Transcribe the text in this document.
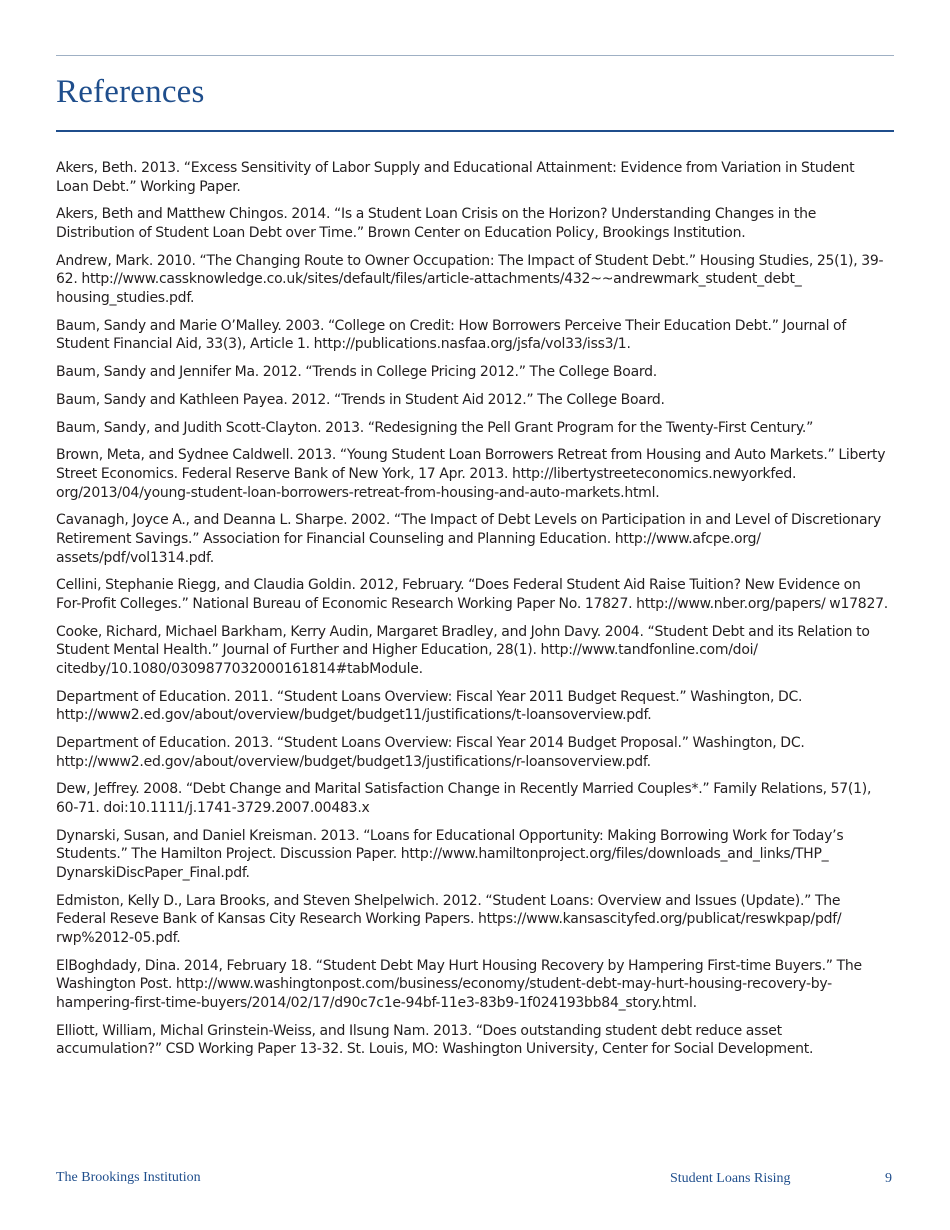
References
Akers, Beth. 2013. “Excess Sensitivity of Labor Supply and Educational Attainment: Evidence from Variation in Student Loan Debt.” Working Paper.
Akers, Beth and Matthew Chingos. 2014. “Is a Student Loan Crisis on the Horizon? Understanding Changes in the Distribution of Student Loan Debt over Time.” Brown Center on Education Policy, Brookings Institution.
Andrew, Mark. 2010. “The Changing Route to Owner Occupation: The Impact of Student Debt.” Housing Studies, 25(1), 39-62. http://www.cassknowledge.co.uk/sites/default/files/article-attachments/432~~andrewmark_student_debt_ housing_studies.pdf.
Baum, Sandy and Marie O’Malley. 2003. “College on Credit: How Borrowers Perceive Their Education Debt.” Journal of Student Financial Aid, 33(3), Article 1. http://publications.nasfaa.org/jsfa/vol33/iss3/1.
Baum, Sandy and Jennifer Ma. 2012. “Trends in College Pricing 2012.” The College Board.
Baum, Sandy and Kathleen Payea. 2012. “Trends in Student Aid 2012.” The College Board.
Baum, Sandy, and Judith Scott-Clayton. 2013. “Redesigning the Pell Grant Program for the Twenty-First Century.”
Brown, Meta, and Sydnee Caldwell. 2013. “Young Student Loan Borrowers Retreat from Housing and Auto Markets.” Liberty Street Economics. Federal Reserve Bank of New York, 17 Apr. 2013. http://libertystreeteconomics.newyorkfed. org/2013/04/young-student-loan-borrowers-retreat-from-housing-and-auto-markets.html.
Cavanagh, Joyce A., and Deanna L. Sharpe. 2002. “The Impact of Debt Levels on Participation in and Level of Discretionary Retirement Savings.” Association for Financial Counseling and Planning Education. http://www.afcpe.org/ assets/pdf/vol1314.pdf.
Cellini, Stephanie Riegg, and Claudia Goldin. 2012, February. “Does Federal Student Aid Raise Tuition? New Evidence on For-Profit Colleges.” National Bureau of Economic Research Working Paper No. 17827. http://www.nber.org/papers/ w17827.
Cooke, Richard, Michael Barkham, Kerry Audin, Margaret Bradley, and John Davy. 2004. “Student Debt and its Relation to Student Mental Health.” Journal of Further and Higher Education, 28(1). http://www.tandfonline.com/doi/ citedby/10.1080/0309877032000161814#tabModule.
Department of Education. 2011. “Student Loans Overview: Fiscal Year 2011 Budget Request.” Washington, DC. http://www2.ed.gov/about/overview/budget/budget11/justifications/t-loansoverview.pdf.
Department of Education. 2013. “Student Loans Overview: Fiscal Year 2014 Budget Proposal.” Washington, DC. http://www2.ed.gov/about/overview/budget/budget13/justifications/r-loansoverview.pdf.
Dew, Jeffrey. 2008. “Debt Change and Marital Satisfaction Change in Recently Married Couples*.” Family Relations, 57(1), 60-71. doi:10.1111/j.1741-3729.2007.00483.x
Dynarski, Susan, and Daniel Kreisman. 2013. “Loans for Educational Opportunity: Making Borrowing Work for Today’s Students.” The Hamilton Project. Discussion Paper. http://www.hamiltonproject.org/files/downloads_and_links/THP_ DynarskiDiscPaper_Final.pdf.
Edmiston, Kelly D., Lara Brooks, and Steven Shelpelwich. 2012. “Student Loans: Overview and Issues (Update).” The Federal Reseve Bank of Kansas City Research Working Papers. https://www.kansascityfed.org/publicat/reswkpap/pdf/ rwp%2012-05.pdf.
ElBoghdady, Dina. 2014, February 18. “Student Debt May Hurt Housing Recovery by Hampering First-time Buyers.” The Washington Post. http://www.washingtonpost.com/business/economy/student-debt-may-hurt-housing-recovery-by- hampering-first-time-buyers/2014/02/17/d90c7c1e-94bf-11e3-83b9-1f024193bb84_story.html.
Elliott, William, Michal Grinstein-Weiss, and Ilsung Nam. 2013. “Does outstanding student debt reduce asset accumulation?” CSD Working Paper 13-32. St. Louis, MO: Washington University, Center for Social Development.
The Brookings Institution	Student Loans Rising	9
